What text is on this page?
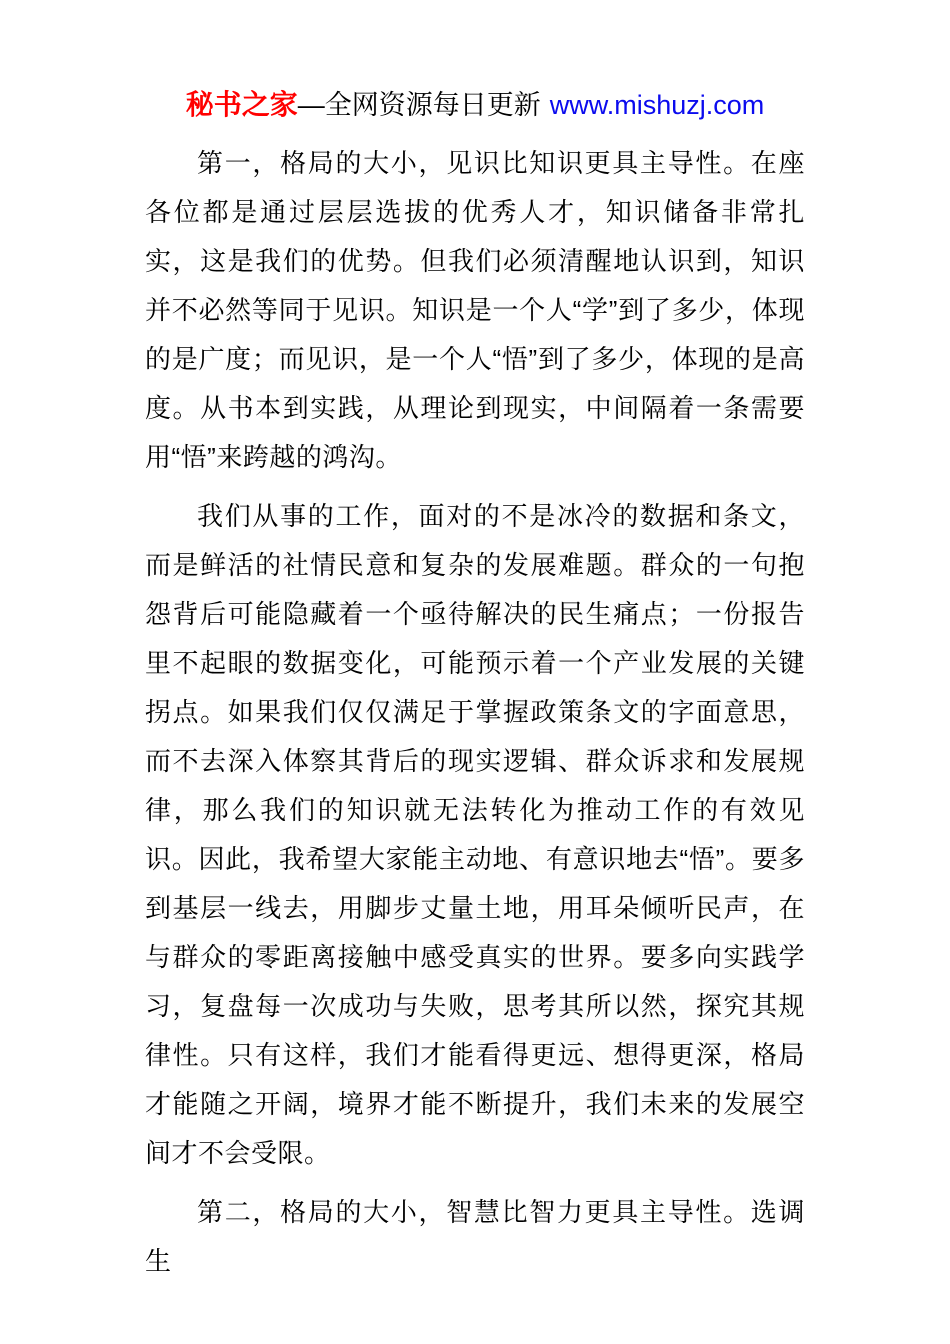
秘书之家—全网资源每日更新 www.mishuzj.com

第一，格局的大小，见识比知识更具主导性。在座各位都是通过层层选拔的优秀人才，知识储备非常扎实，这是我们的优势。但我们必须清醒地认识到，知识并不必然等同于见识。知识是一个人“学”到了多少，体现的是广度；而见识，是一个人“悟”到了多少，体现的是高度。从书本到实践，从理论到现实，中间隔着一条需要用“悟”来跨越的鸿沟。

我们从事的工作，面对的不是冰冷的数据和条文，而是鲜活的社情民意和复杂的发展难题。群众的一句抱怨背后可能隐藏着一个亟待解决的民生痛点；一份报告里不起眼的数据变化，可能预示着一个产业发展的关键拐点。如果我们仅仅满足于掌握政策条文的字面意思，而不去深入体察其背后的现实逻辑、群众诉求和发展规律，那么我们的知识就无法转化为推动工作的有效见识。因此，我希望大家能主动地、有意识地去“悟”。要多到基层一线去，用脚步丈量土地，用耳朵倾听民声，在与群众的零距离接触中感受真实的世界。要多向实践学习，复盘每一次成功与失败，思考其所以然，探究其规律性。只有这样，我们才能看得更远、想得更深，格局才能随之开阔，境界才能不断提升，我们未来的发展空间才不会受限。

第二，格局的大小，智慧比智力更具主导性。选调生
